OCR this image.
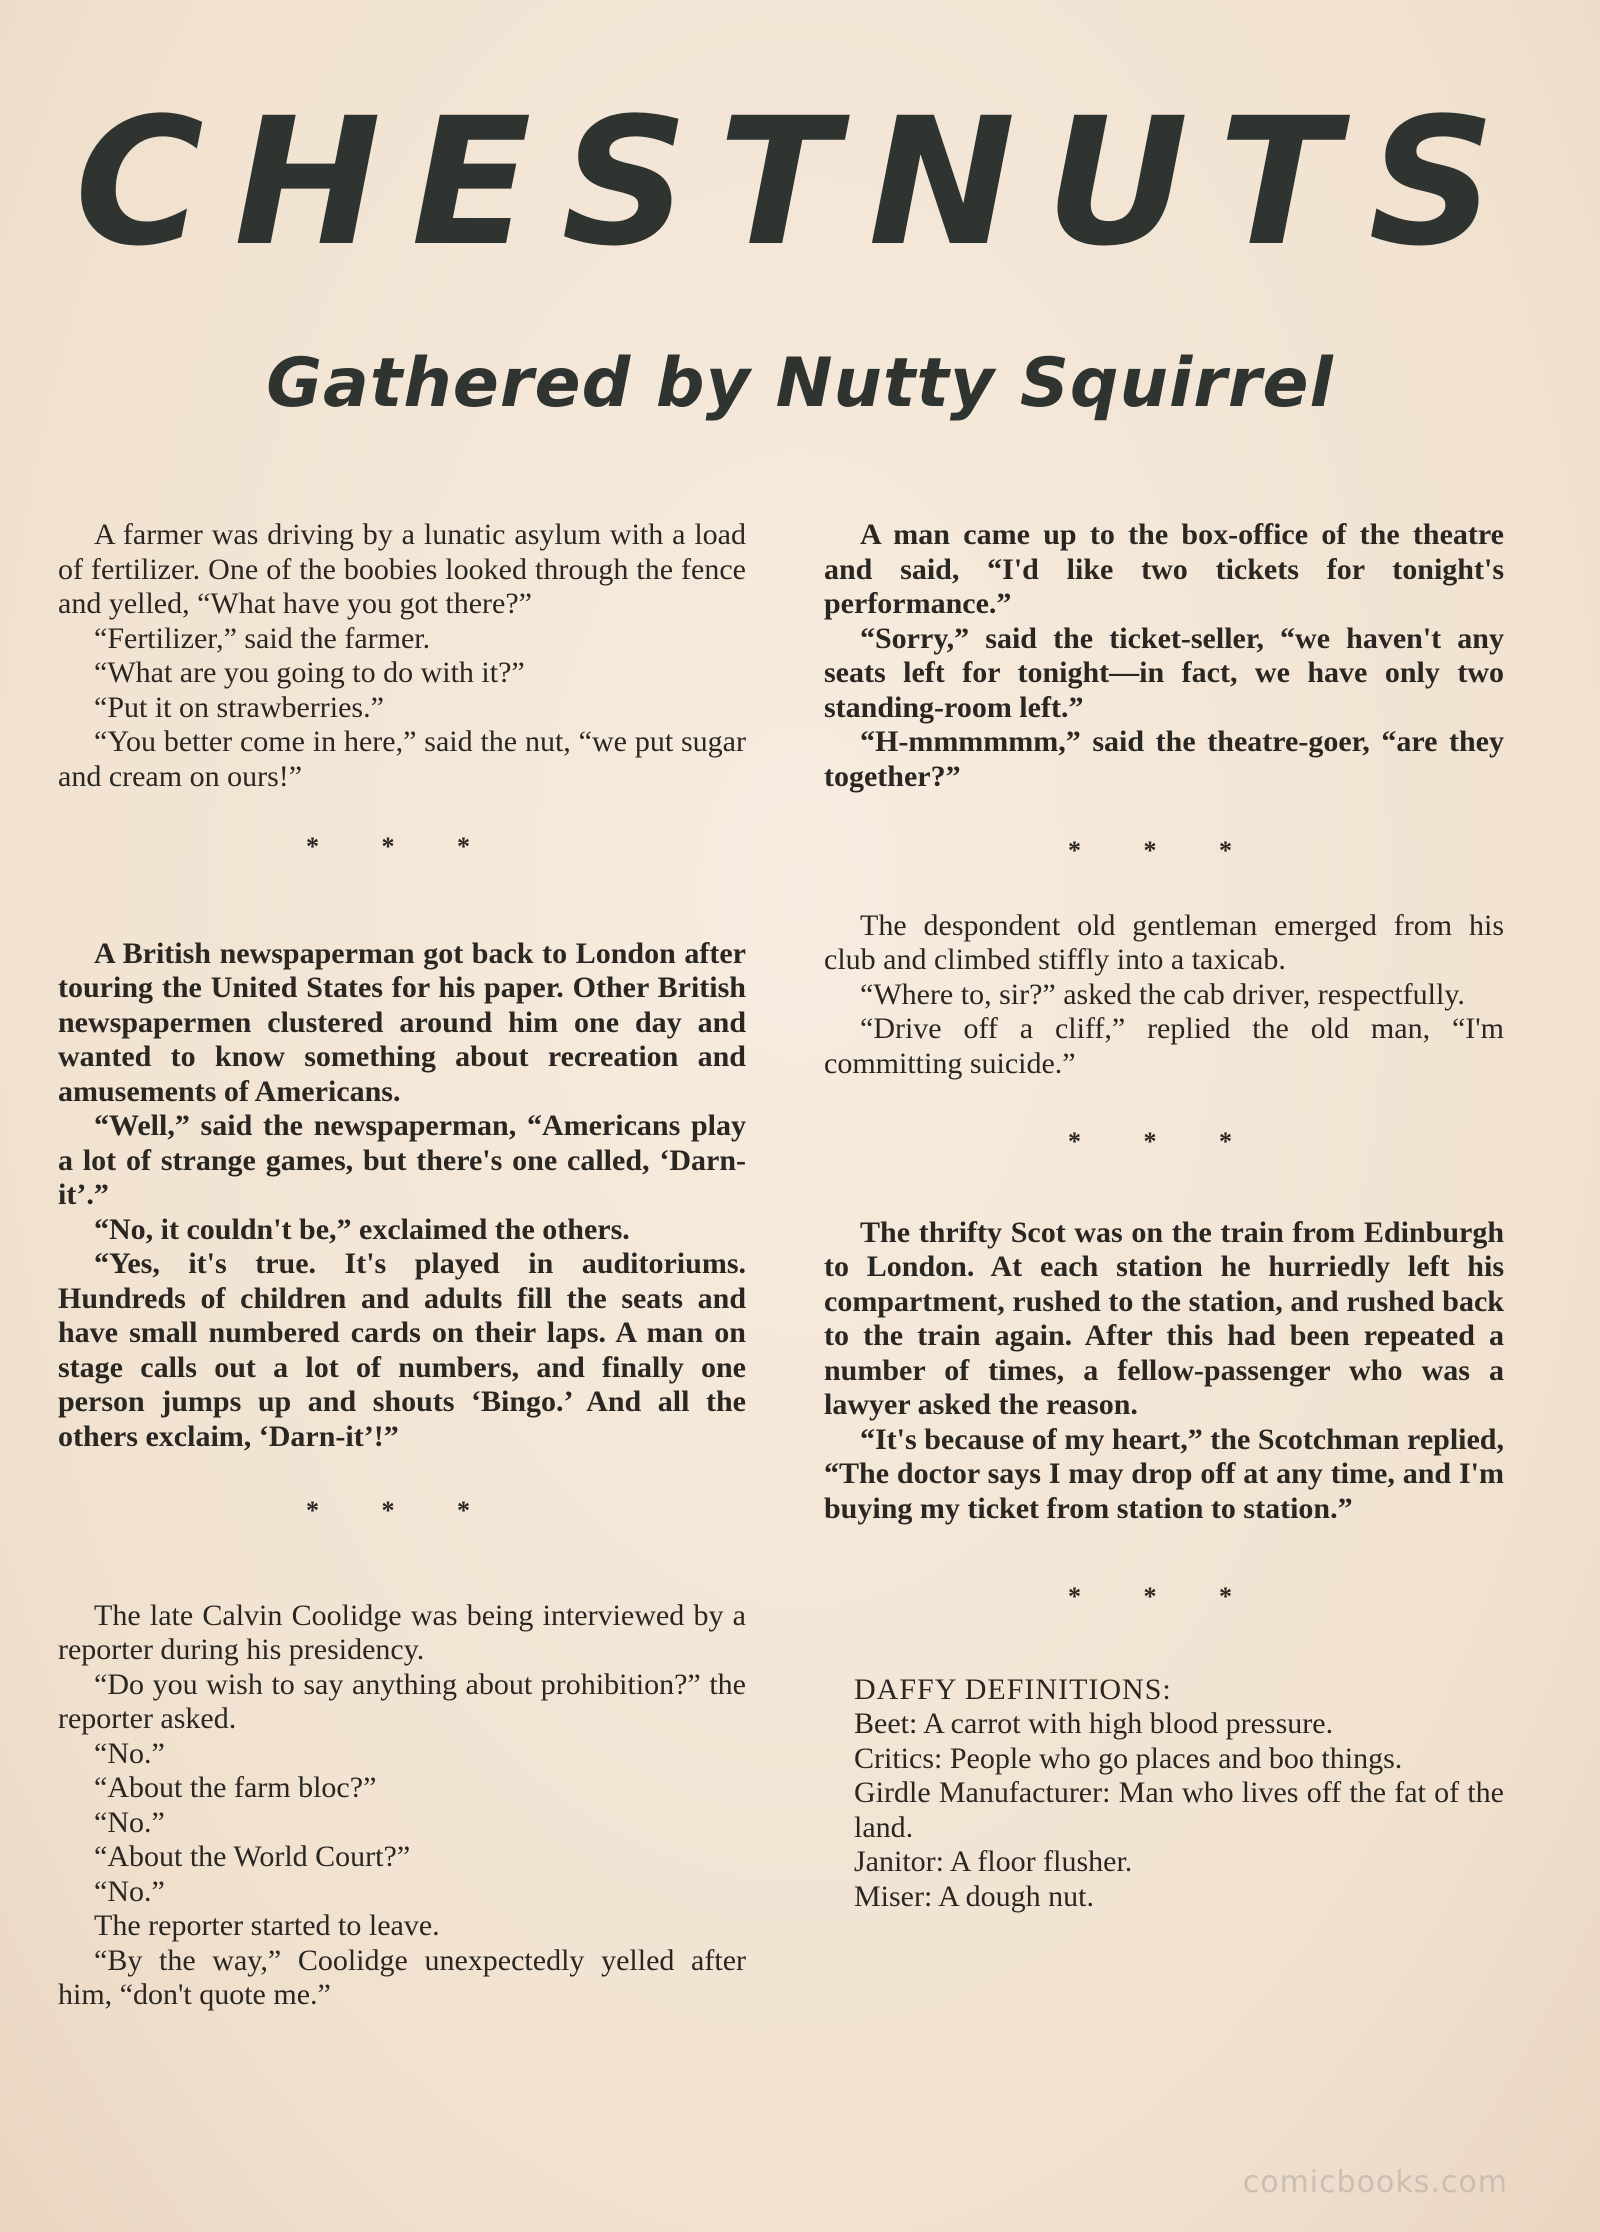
CHESTNUTS
Gathered by Nutty Squirrel

A farmer was driving by a lunatic asylum with a load of fertilizer. One of the boobies looked through the fence and yelled, “What have you got there?”

“Fertilizer,” said the farmer.

“What are you going to do with it?”

“Put it on strawberries.”

“You better come in here,” said the nut, “we put sugar and cream on ours!”

* * *

A British newspaperman got back to London after touring the United States for his paper. Other British newspapermen clustered around him one day and wanted to know something about recreation and amusements of Americans.

“Well,” said the newspaperman, “Americans play a lot of strange games, but there's one called, ‘Darn-it’.”

“No, it couldn't be,” exclaimed the others.

“Yes, it's true. It's played in auditoriums. Hundreds of children and adults fill the seats and have small numbered cards on their laps. A man on stage calls out a lot of numbers, and finally one person jumps up and shouts ‘Bingo.’ And all the others exclaim, ‘Darn-it’!”

* * *

The late Calvin Coolidge was being interviewed by a reporter during his presidency.

“Do you wish to say anything about prohibition?” the reporter asked.

“No.”

“About the farm bloc?”

“No.”

“About the World Court?”

“No.”

The reporter started to leave.

“By the way,” Coolidge unexpectedly yelled after him, “don't quote me.”

A man came up to the box-office of the theatre and said, “I'd like two tickets for tonight's performance.”

“Sorry,” said the ticket-seller, “we haven't any seats left for tonight—in fact, we have only two standing-room left.”

“H-mmmmmm,” said the theatre-goer, “are they together?”

* * *

The despondent old gentleman emerged from his club and climbed stiffly into a taxicab.

“Where to, sir?” asked the cab driver, respectfully.

“Drive off a cliff,” replied the old man, “I'm committing suicide.”

* * *

The thrifty Scot was on the train from Edinburgh to London. At each station he hurriedly left his compartment, rushed to the station, and rushed back to the train again. After this had been repeated a number of times, a fellow-passenger who was a lawyer asked the reason.

“It's because of my heart,” the Scotchman replied, “The doctor says I may drop off at any time, and I'm buying my ticket from station to station.”

* * *
DAFFY DEFINITIONS:

Beet: A carrot with high blood pressure.

Critics: People who go places and boo things.

Girdle Manufacturer: Man who lives off the fat of the land.

Janitor: A floor flusher.

Miser: A dough nut.

comicbooks.com
